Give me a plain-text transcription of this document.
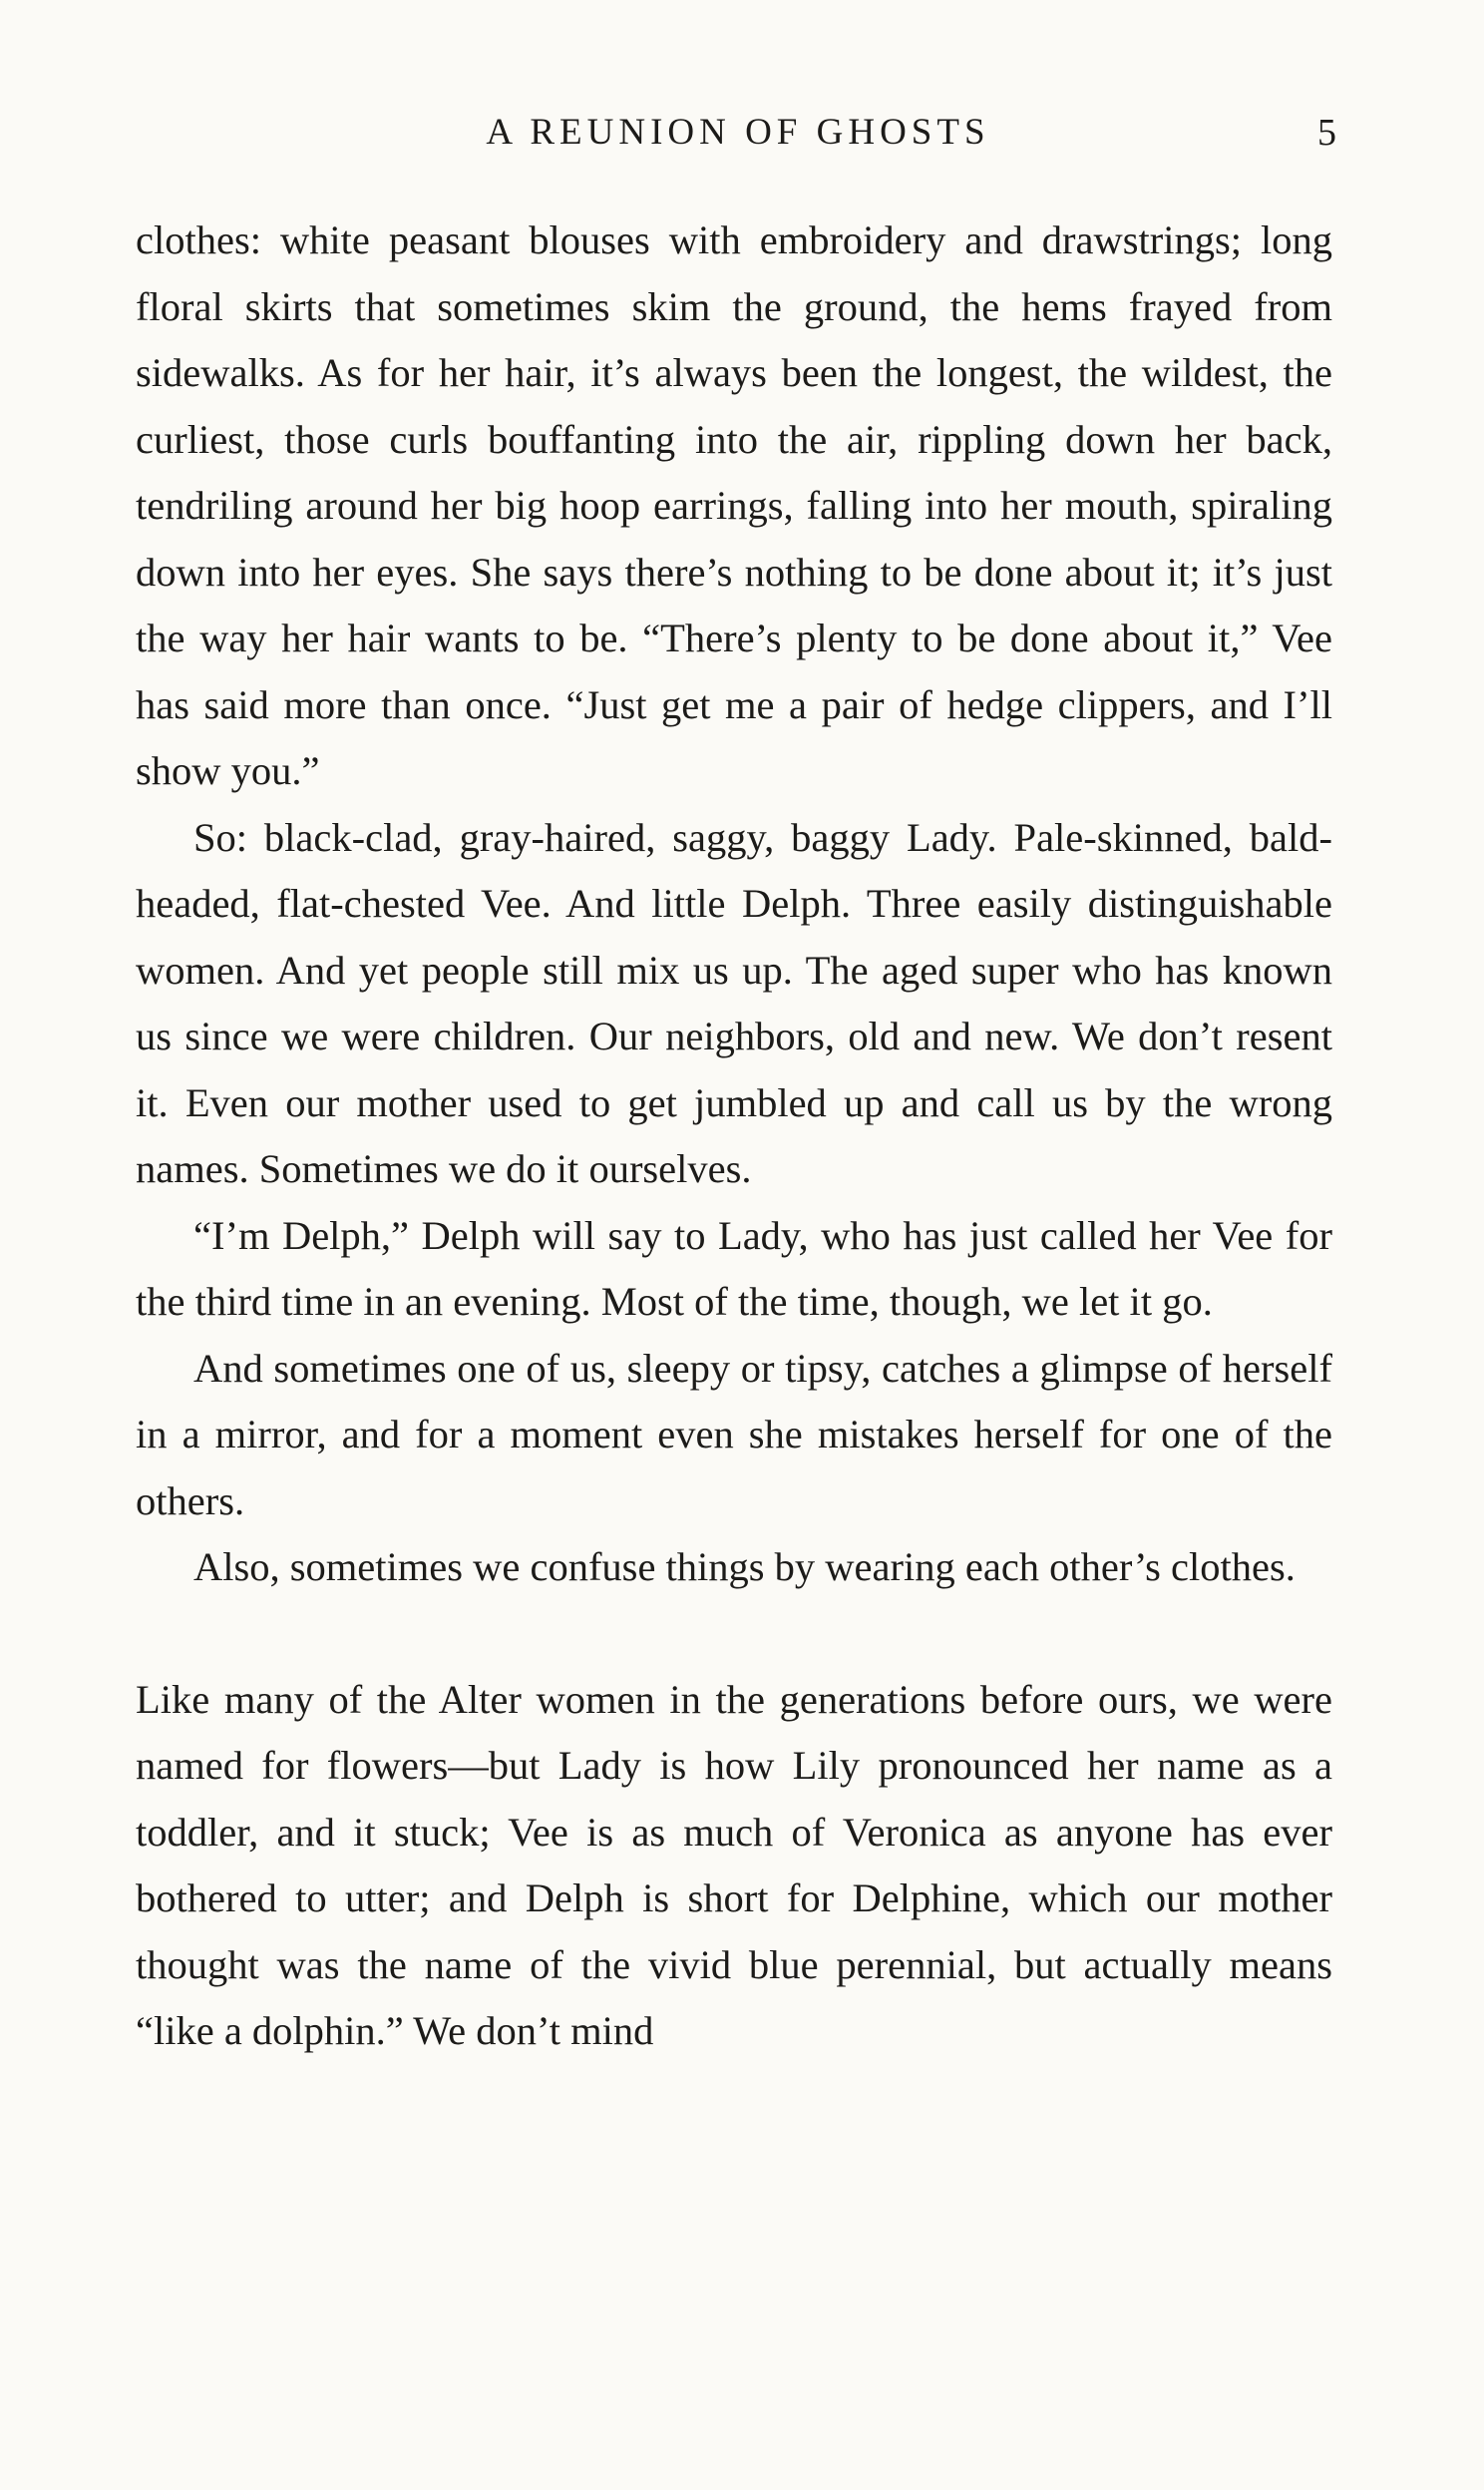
A REUNION OF GHOSTS	5

clothes: white peasant blouses with embroidery and drawstrings; long floral skirts that sometimes skim the ground, the hems frayed from sidewalks. As for her hair, it’s always been the longest, the wildest, the curliest, those curls bouffanting into the air, rippling down her back, tendriling around her big hoop earrings, falling into her mouth, spiraling down into her eyes. She says there’s nothing to be done about it; it’s just the way her hair wants to be. “There’s plenty to be done about it,” Vee has said more than once. “Just get me a pair of hedge clippers, and I’ll show you.”

So: black-clad, gray-haired, saggy, baggy Lady. Pale-skinned, bald-headed, flat-chested Vee. And little Delph. Three easily distinguishable women. And yet people still mix us up. The aged super who has known us since we were children. Our neighbors, old and new. We don’t resent it. Even our mother used to get jumbled up and call us by the wrong names. Sometimes we do it ourselves.

“I’m Delph,” Delph will say to Lady, who has just called her Vee for the third time in an evening. Most of the time, though, we let it go.

And sometimes one of us, sleepy or tipsy, catches a glimpse of herself in a mirror, and for a moment even she mistakes herself for one of the others.

Also, sometimes we confuse things by wearing each other’s clothes.

Like many of the Alter women in the generations before ours, we were named for flowers—but Lady is how Lily pronounced her name as a toddler, and it stuck; Vee is as much of Veronica as anyone has ever bothered to utter; and Delph is short for Delphine, which our mother thought was the name of the vivid blue perennial, but actually means “like a dolphin.” We don’t mind
